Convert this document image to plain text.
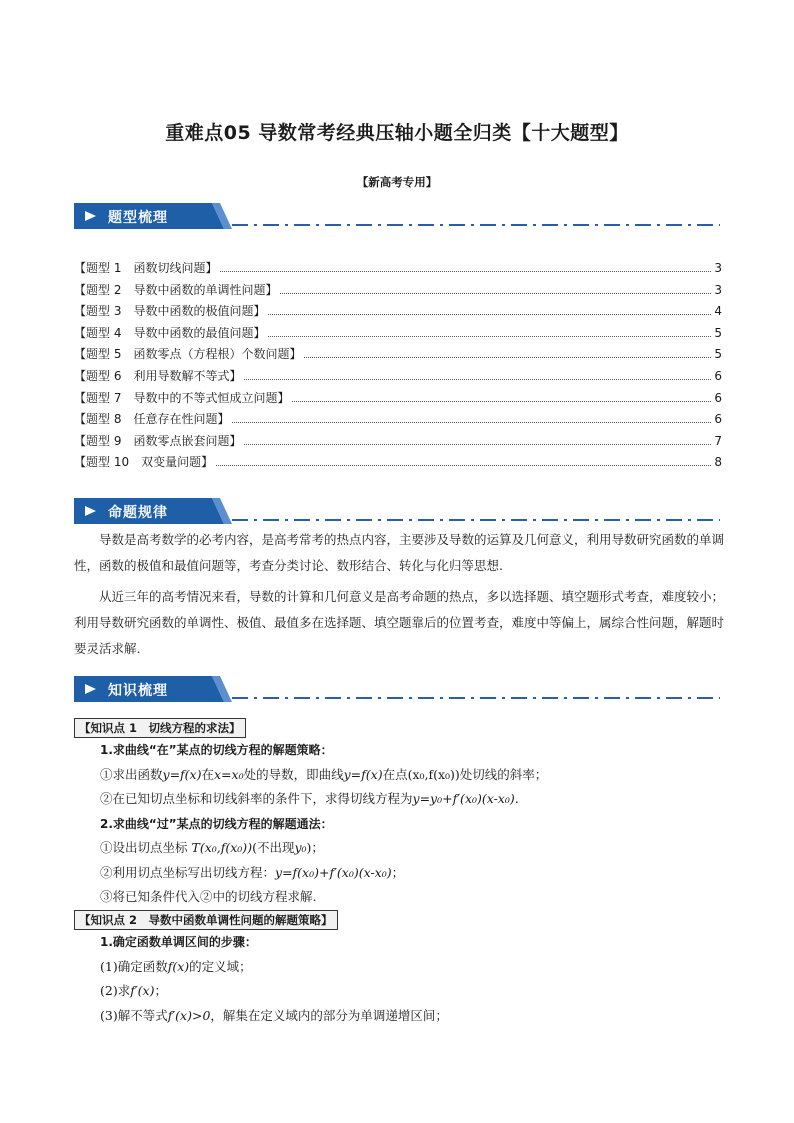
重难点05 导数常考经典压轴小题全归类【十大题型】
【新高考专用】
题型梳理
【题型 1　函数切线问题】	3
【题型 2　导数中函数的单调性问题】	3
【题型 3　导数中函数的极值问题】	4
【题型 4　导数中函数的最值问题】	5
【题型 5　函数零点（方程根）个数问题】	5
【题型 6　利用导数解不等式】	6
【题型 7　导数中的不等式恒成立问题】	6
【题型 8　任意存在性问题】	6
【题型 9　函数零点嵌套问题】	7
【题型 10　双变量问题】	8
命题规律

导数是高考数学的必考内容，是高考常考的热点内容，主要涉及导数的运算及几何意义，利用导数研究函数的单调性，函数的极值和最值问题等，考查分类讨论、数形结合、转化与化归等思想.

从近三年的高考情况来看，导数的计算和几何意义是高考命题的热点，多以选择题、填空题形式考查，难度较小；利用导数研究函数的单调性、极值、最值多在选择题、填空题靠后的位置考查，难度中等偏上，属综合性问题，解题时要灵活求解.

知识梳理
【知识点 1　切线方程的求法】
1.求曲线“在”某点的切线方程的解题策略：
①求出函数y=f(x)在x=x₀处的导数，即曲线y=f(x)在点(x₀,f(x₀))处切线的斜率；
②在已知切点坐标和切线斜率的条件下，求得切线方程为y=y₀+f′(x₀)(x-x₀).
2.求曲线“过”某点的切线方程的解题通法：
①设出切点坐标 T(x₀,f(x₀))(不出现y₀)；
②利用切点坐标写出切线方程：y=f(x₀)+f′(x₀)(x-x₀)；
③将已知条件代入②中的切线方程求解.
【知识点 2　导数中函数单调性问题的解题策略】
1.确定函数单调区间的步骤：
(1)确定函数f(x)的定义域；
(2)求f′(x)；
(3)解不等式f′(x)>0，解集在定义域内的部分为单调递增区间；
